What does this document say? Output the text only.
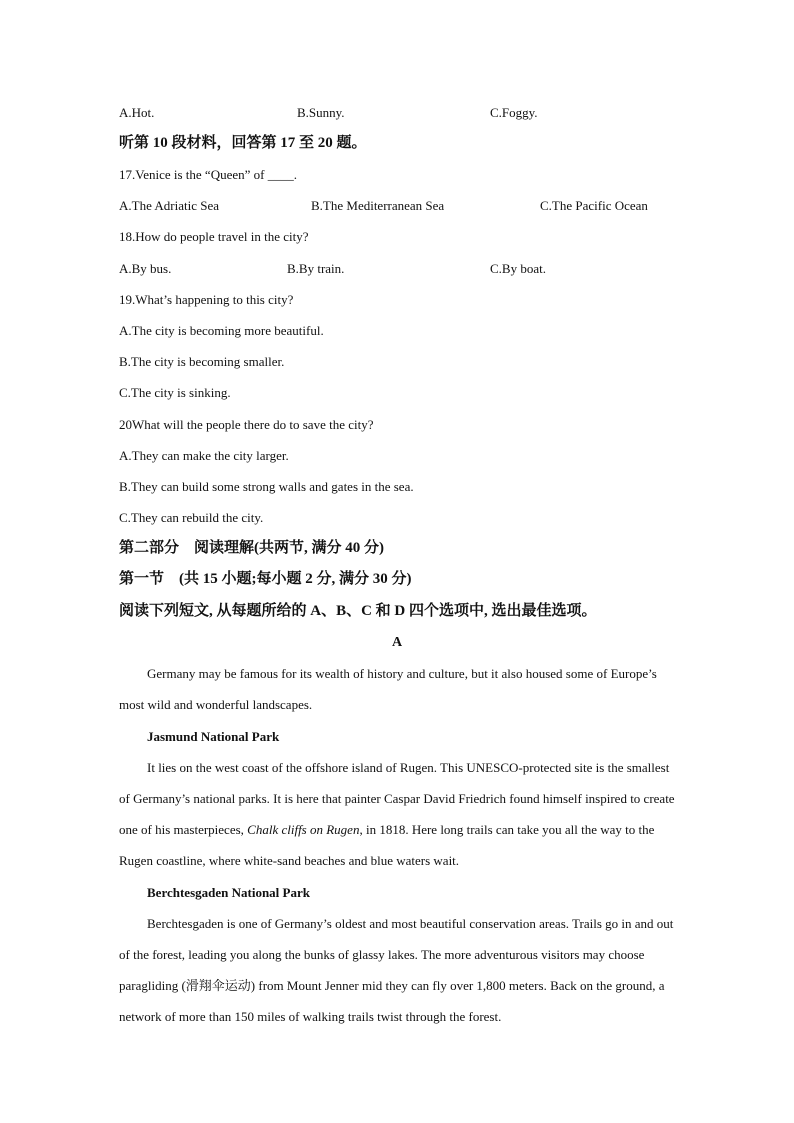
A.Hot.	B.Sunny.	C.Foggy.
听第 10 段材料，回答第 17 至 20 题。
17.Venice is the “Queen” of ____.
A.The Adriatic Sea	B.The Mediterranean Sea	C.The Pacific Ocean
18.How do people travel in the city?
A.By bus.	B.By train.	C.By boat.
19.What’s happening to this city?
A.The city is becoming more beautiful.
B.The city is becoming smaller.
C.The city is sinking.
20What will the people there do to save the city?
A.They can make the city larger.
B.They can build some strong walls and gates in the sea.
C.They can rebuild the city.
第二部分　阅读理解(共两节, 满分 40 分)
第一节　(共 15 小题;每小题 2 分, 满分 30 分)
阅读下列短文, 从每题所给的 A、B、C 和 D 四个选项中, 选出最佳选项。
A
Germany may be famous for its wealth of history and culture, but it also housed some of Europe’s most wild and wonderful landscapes.
Jasmund National Park
It lies on the west coast of the offshore island of Rugen. This UNESCO-protected site is the smallest of Germany’s national parks. It is here that painter Caspar David Friedrich found himself inspired to create one of his masterpieces, Chalk cliffs on Rugen, in 1818. Here long trails can take you all the way to the Rugen coastline, where white-sand beaches and blue waters wait.
Berchtesgaden National Park
Berchtesgaden is one of Germany’s oldest and most beautiful conservation areas. Trails go in and out of the forest, leading you along the bunks of glassy lakes. The more adventurous visitors may choose paragliding (滑翔伞运动) from Mount Jenner mid they can fly over 1,800 meters. Back on the ground, a network of more than 150 miles of walking trails twist through the forest.
